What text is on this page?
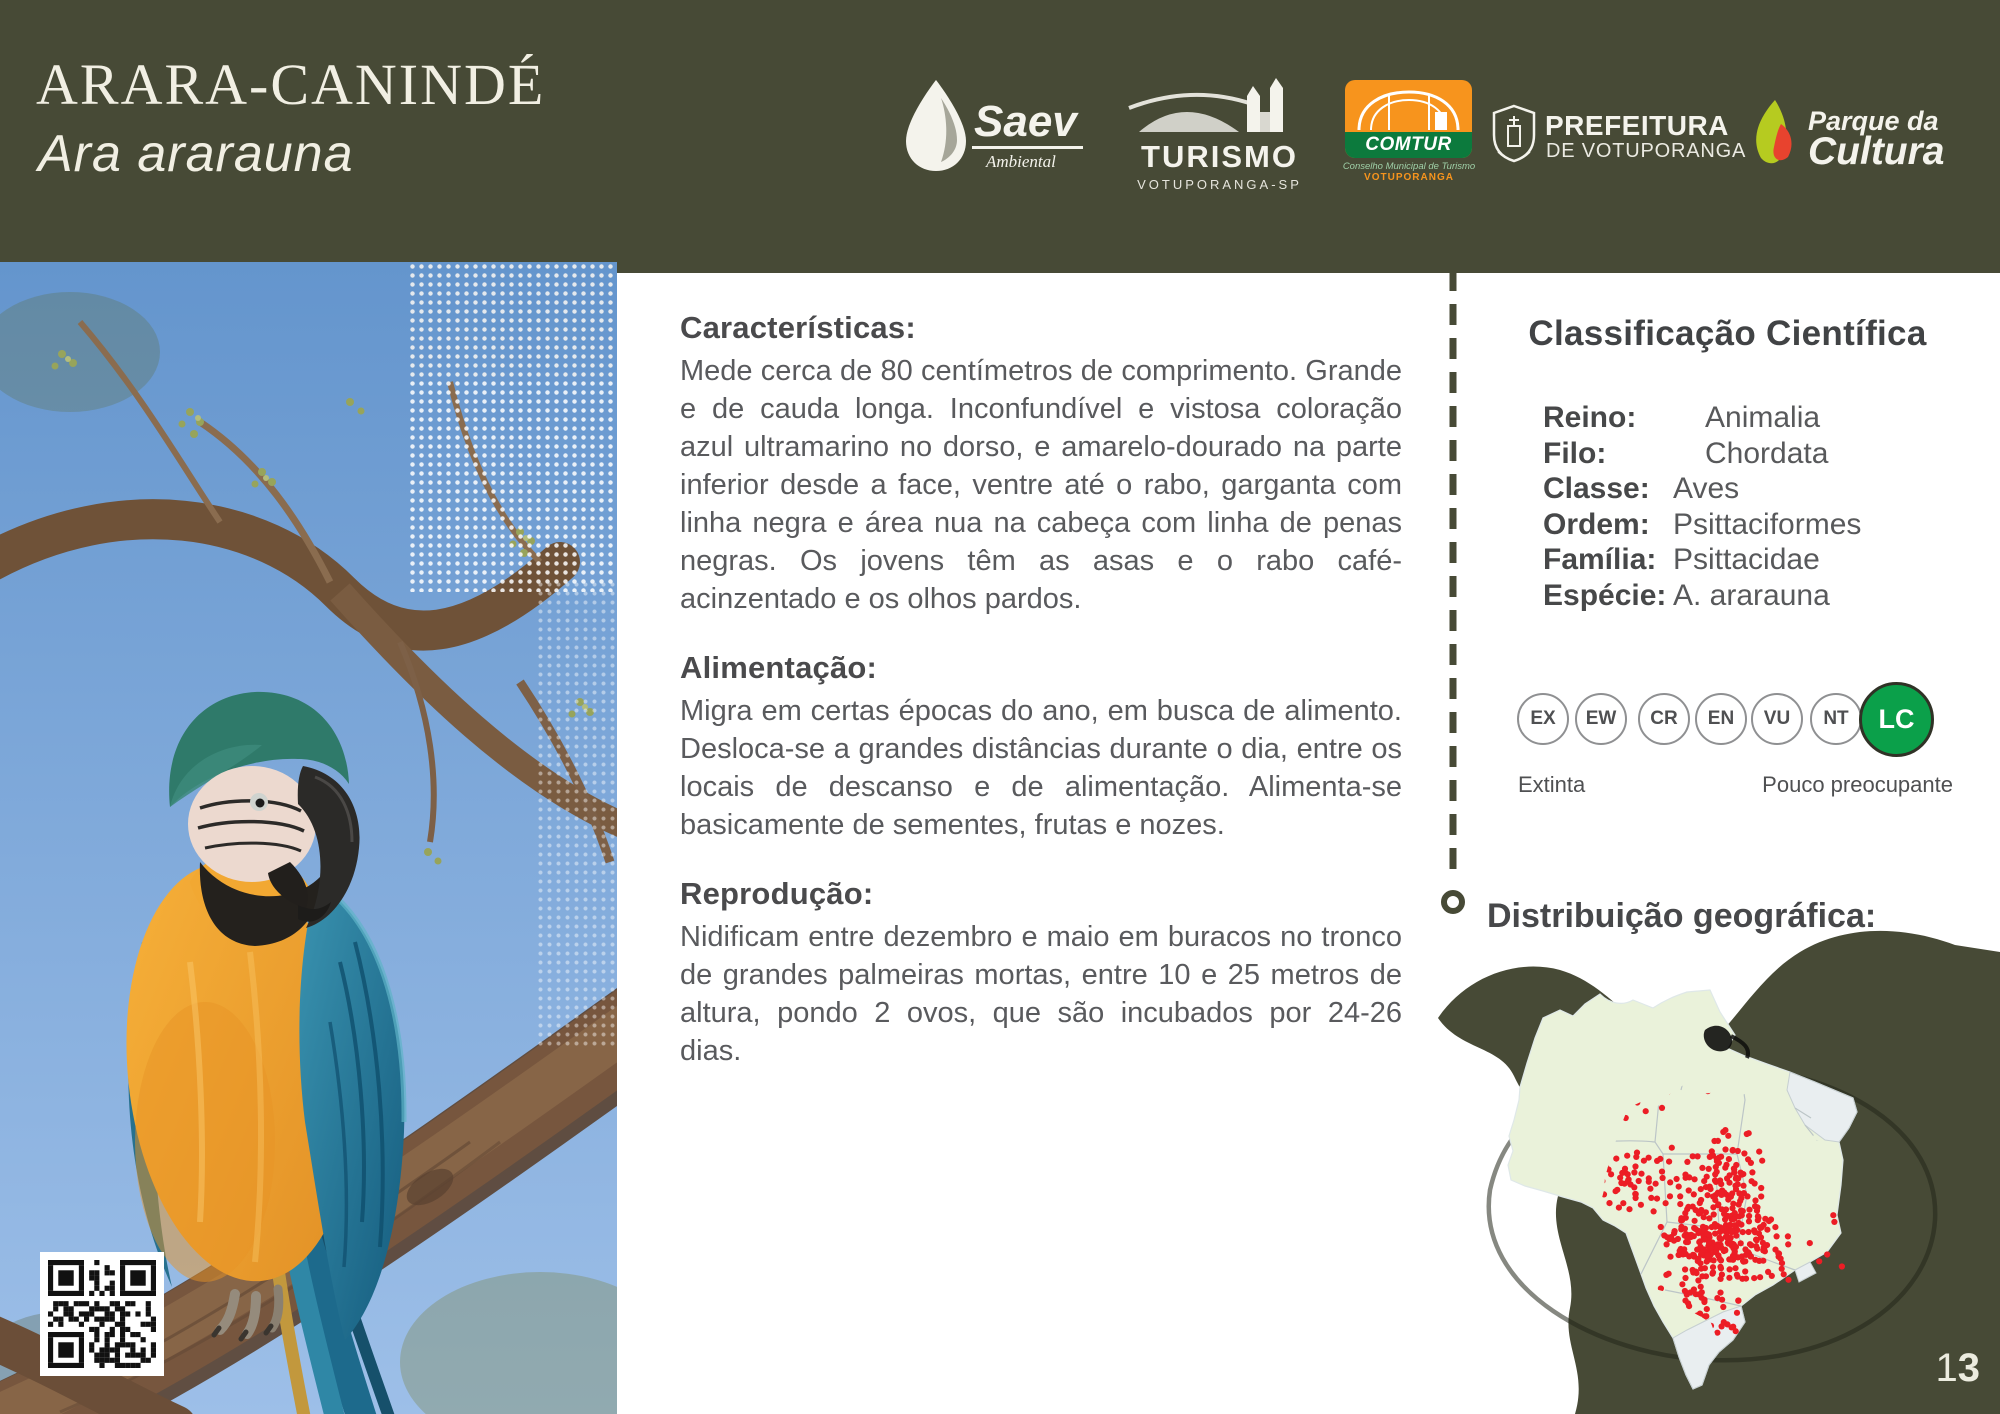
ARARA-CANINDÉ
Ara ararauna
Saev
Ambiental	TURISMO
VOTUPORANGA-SP
COMTUR
Conselho Municipal de Turismo
VOTUPORANGA
PREFEITURA
DE VOTUPORANGA
Parque da
Cultura
Características:

Mede cerca de 80 centímetros de comprimento. Grande e de cauda longa. Inconfundível e vistosa coloração azul ultramarino no dorso, e amarelo-dourado na parte inferior desde a face, ventre até o rabo, garganta com linha negra e área nua na cabeça com linha de penas negras. Os jovens têm as asas e o rabo café-acinzentado e os olhos pardos.

Alimentação:

Migra em certas épocas do ano, em busca de alimento. Desloca-se a grandes distâncias durante o dia, entre os locais de descanso e de alimentação. Alimenta-se basicamente de sementes, frutas e nozes.

Reprodução:

Nidificam entre dezembro e maio em buracos no tronco de grandes palmeiras mortas, entre 10 e 25 metros de altura, pondo 2 ovos, que são incubados por 24-26 dias.

Classificação Científica
Reino:	Animalia
Filo:	Chordata
Classe: Aves
Ordem: Psittaciformes
Família: Psittacidae
Espécie: A. ararauna
EX	EW	CR	EN	VU	NT	LC
Extinta	Pouco preocupante
Distribuição geográfica:
13
